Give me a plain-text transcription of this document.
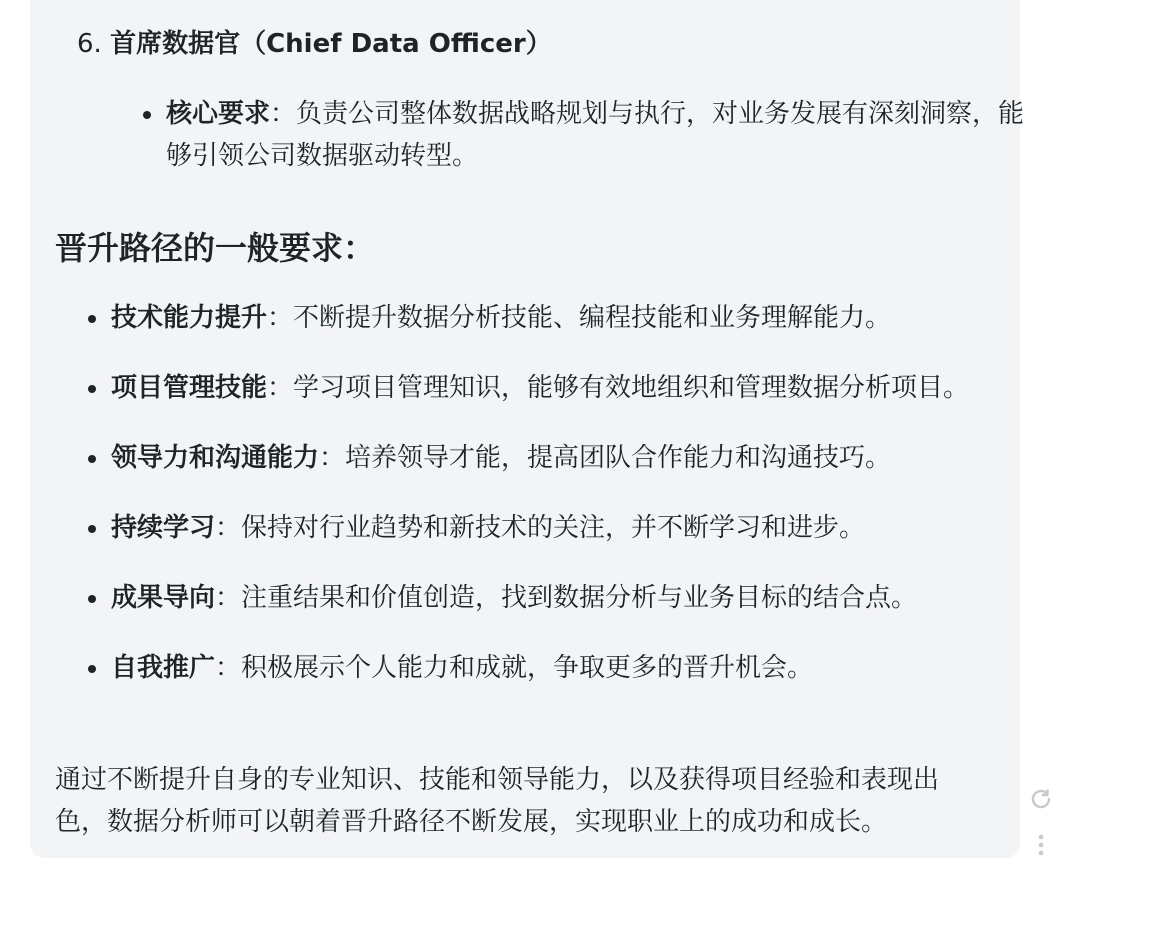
6. 首席数据官（Chief Data Officer）
核心要求：负责公司整体数据战略规划与执行，对业务发展有深刻洞察，能够引领公司数据驱动转型。
晋升路径的一般要求：
技术能力提升：不断提升数据分析技能、编程技能和业务理解能力。
项目管理技能：学习项目管理知识，能够有效地组织和管理数据分析项目。
领导力和沟通能力：培养领导才能，提高团队合作能力和沟通技巧。
持续学习：保持对行业趋势和新技术的关注，并不断学习和进步。
成果导向：注重结果和价值创造，找到数据分析与业务目标的结合点。
自我推广：积极展示个人能力和成就，争取更多的晋升机会。
通过不断提升自身的专业知识、技能和领导能力，以及获得项目经验和表现出色，数据分析师可以朝着晋升路径不断发展，实现职业上的成功和成长。
